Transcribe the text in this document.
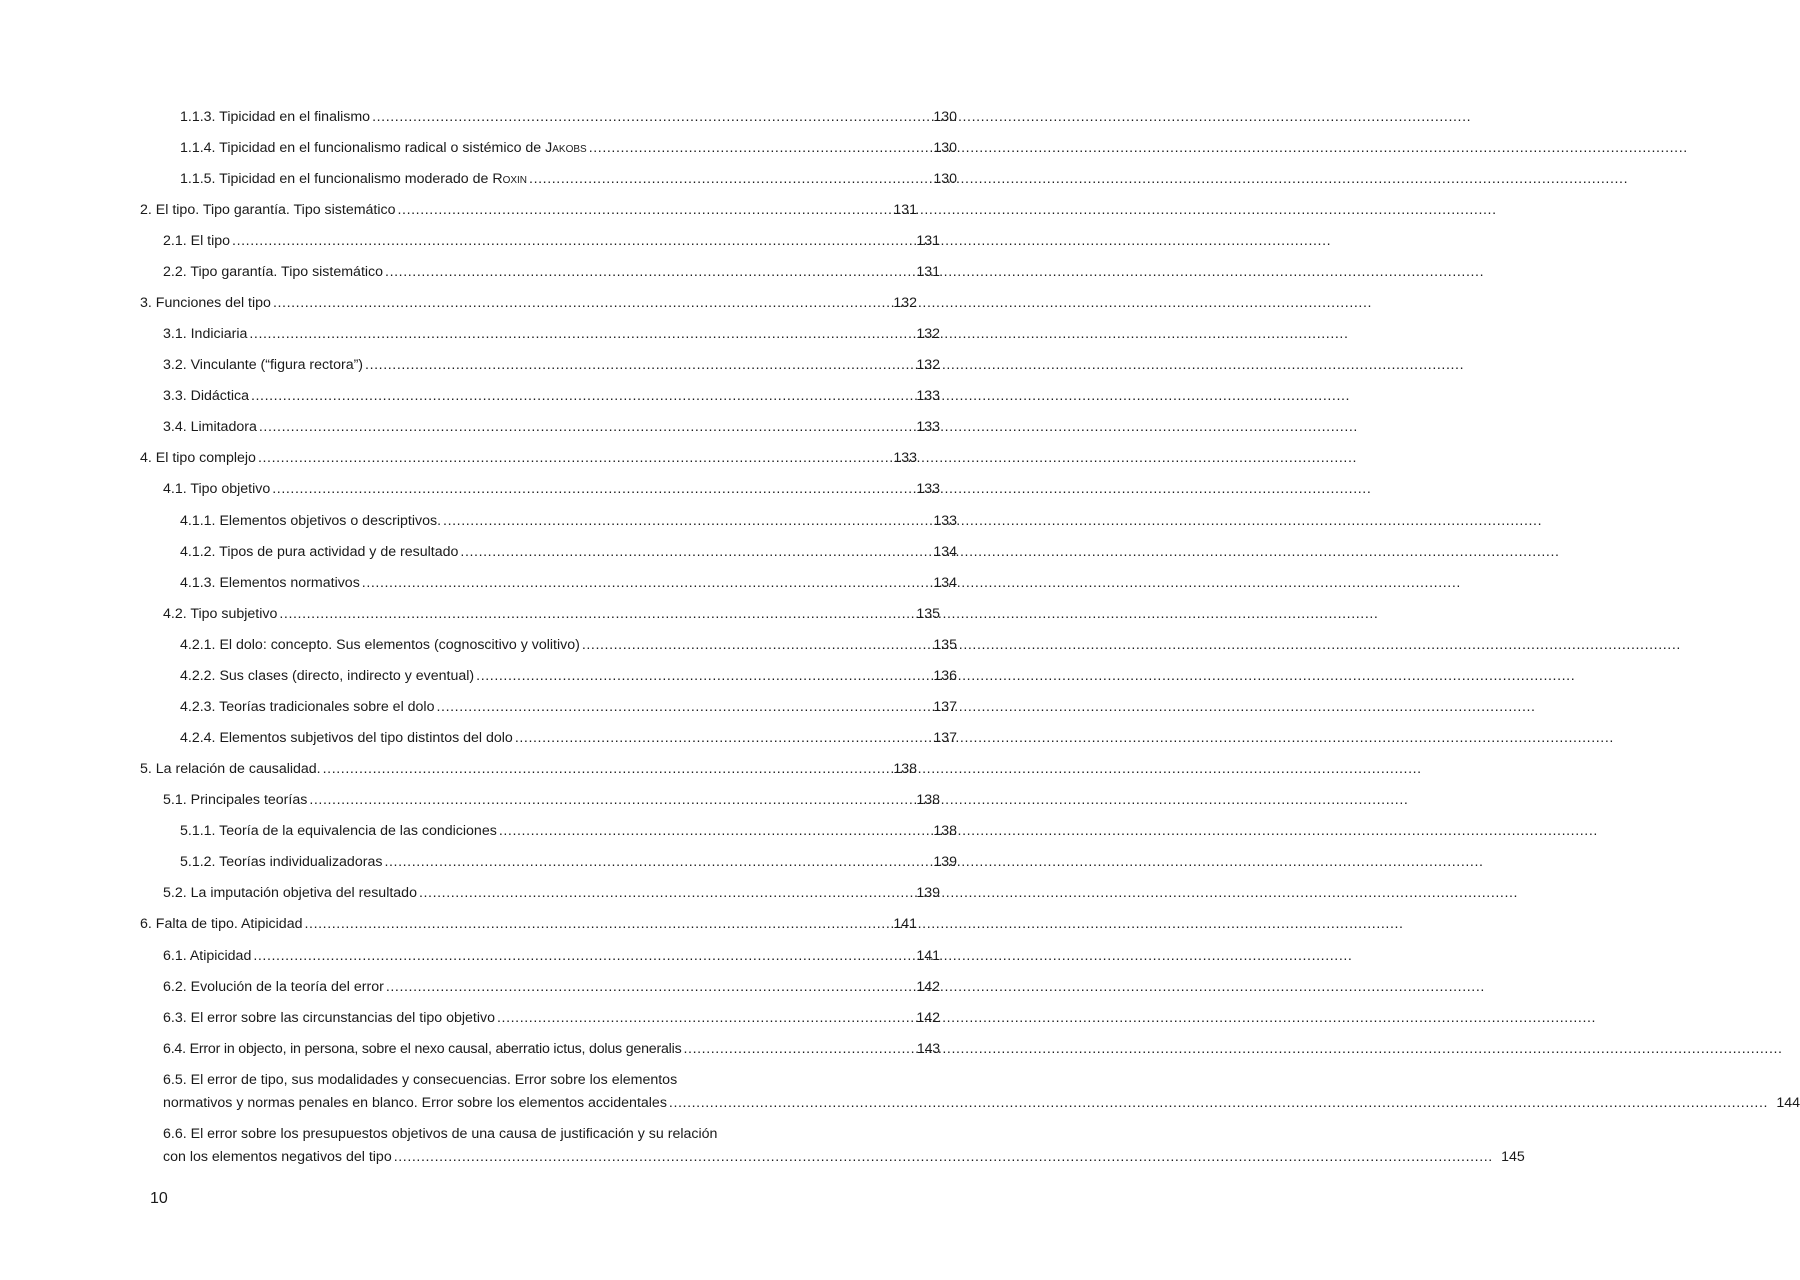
1.1.3. Tipicidad en el finalismo .....	130
1.1.4. Tipicidad en el funcionalismo radical o sistémico de Jakobs .....	130
1.1.5. Tipicidad en el funcionalismo moderado de Roxin .....	130
2. El tipo. Tipo garantía. Tipo sistemático .....	131
2.1. El tipo .....	131
2.2. Tipo garantía. Tipo sistemático .....	131
3. Funciones del tipo .....	132
3.1. Indiciaria .....	132
3.2. Vinculante (“figura rectora”) .....	132
3.3. Didáctica .....	133
3.4. Limitadora .....	133
4. El tipo complejo .....	133
4.1. Tipo objetivo .....	133
4.1.1. Elementos objetivos o descriptivos. .....	133
4.1.2. Tipos de pura actividad y de resultado .....	134
4.1.3. Elementos normativos .....	134
4.2. Tipo subjetivo .....	135
4.2.1. El dolo: concepto. Sus elementos (cognoscitivo y volitivo) .....	135
4.2.2. Sus clases (directo, indirecto y eventual) .....	136
4.2.3. Teorías tradicionales sobre el dolo .....	137
4.2.4. Elementos subjetivos del tipo distintos del dolo .....	137
5. La relación de causalidad. .....	138
5.1. Principales teorías .....	138
5.1.1. Teoría de la equivalencia de las condiciones .....	138
5.1.2. Teorías individualizadoras .....	139
5.2. La imputación objetiva del resultado .....	139
6. Falta de tipo. Atipicidad .....	141
6.1. Atipicidad .....	141
6.2. Evolución de la teoría del error .....	142
6.3. El error sobre las circunstancias del tipo objetivo .....	142
6.4. Error in objecto, in persona, sobre el nexo causal, aberratio ictus, dolus generalis .....	143
6.5. El error de tipo, sus modalidades y consecuencias. Error sobre los elementos
normativos y normas penales en blanco. Error sobre los elementos accidentales .....	144
6.6. El error sobre los presupuestos objetivos de una causa de justificación y su relación
con los elementos negativos del tipo .....	145
10
